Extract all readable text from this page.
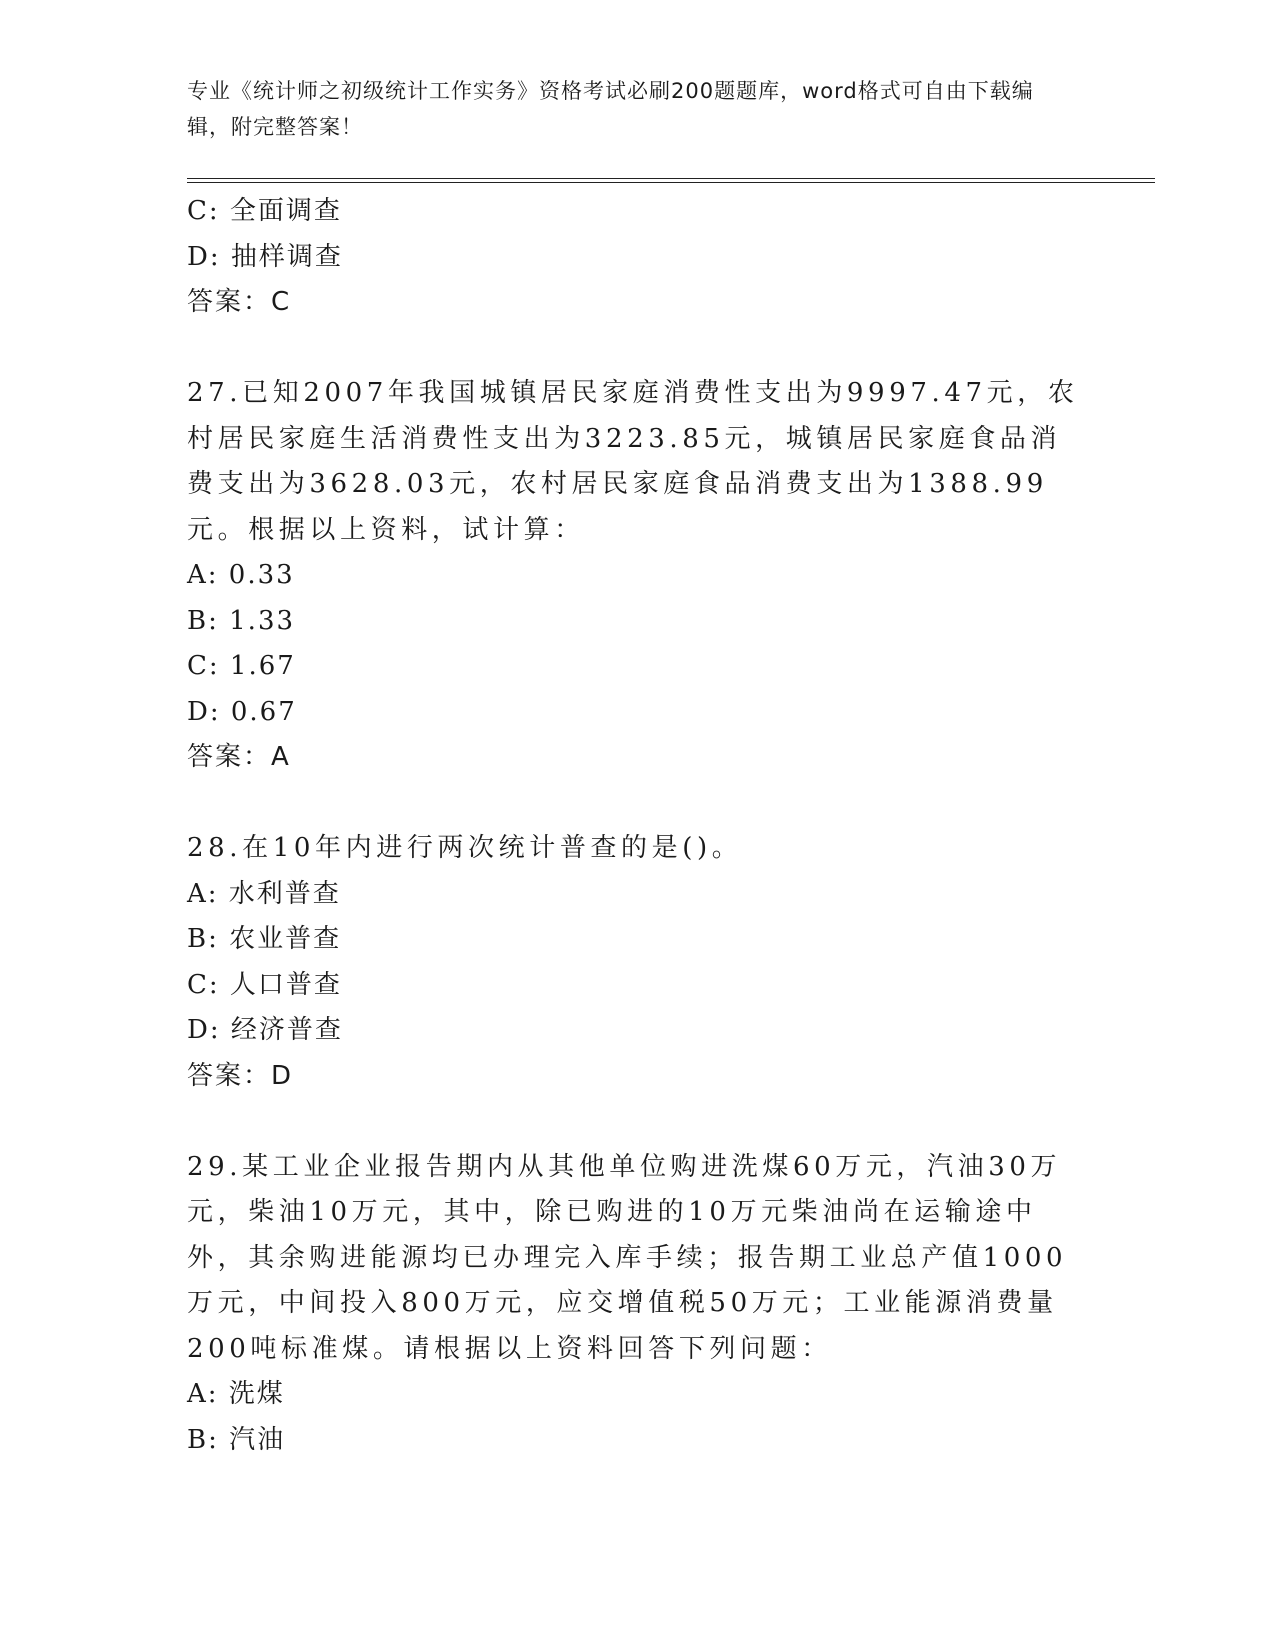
专业《统计师之初级统计工作实务》资格考试必刷200题题库，word格式可自由下载编辑，附完整答案！
C: 全面调查
D: 抽样调查
答案：C
27.已知2007年我国城镇居民家庭消费性支出为9997.47元，农村居民家庭生活消费性支出为3223.85元，城镇居民家庭食品消费支出为3628.03元，农村居民家庭食品消费支出为1388.99元。根据以上资料，试计算：
A: 0.33
B: 1.33
C: 1.67
D: 0.67
答案：A
28.在10年内进行两次统计普查的是()。
A: 水利普查
B: 农业普查
C: 人口普查
D: 经济普查
答案：D
29.某工业企业报告期内从其他单位购进洗煤60万元，汽油30万元，柴油10万元，其中，除已购进的10万元柴油尚在运输途中外，其余购进能源均已办理完入库手续；报告期工业总产值1000万元，中间投入800万元，应交增值税50万元；工业能源消费量200吨标准煤。请根据以上资料回答下列问题：
A: 洗煤
B: 汽油
